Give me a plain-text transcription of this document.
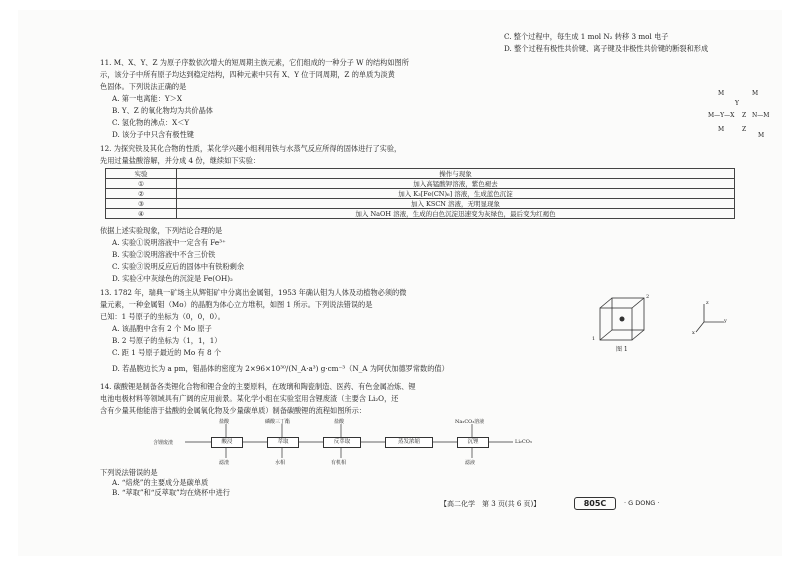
C. 整个过程中，每生成 1 mol N₂ 转移 3 mol 电子
D. 整个过程有极性共价键、离子键及非极性共价键的断裂和形成
11. M、X、Y、Z 为原子序数依次增大的短周期主族元素，它们组成的一种分子 W 的结构如图所
示，该分子中所有原子均达到稳定结构，四种元素中只有 X、Y 位于同周期，Z 的单质为淡黄
色固体。下列说法正确的是
A. 第一电离能：Y＞X
B. Y、Z 的氧化物均为共价晶体
C. 氢化物的沸点：X＜Y
D. 该分子中只含有极性键
M	M
Y
M—Y—X Z N—M
M	Z
M
12. 为探究铁及其化合物的性质，某化学兴趣小组利用铁与水蒸气反应所得的固体进行了实验，
先用过量盐酸溶解，并分成 4 份，继续如下实验：
实验	操作与现象
①	加入高锰酸钾溶液，紫色褪去
②	加入 K₃[Fe(CN)₆] 溶液，生成蓝色沉淀
③	加入 KSCN 溶液，无明显现象
④	加入 NaOH 溶液，生成的白色沉淀迅速变为灰绿色，最后变为红褐色
依据上述实验现象，下列结论合理的是
A. 实验①说明溶液中一定含有 Fe³⁺
B. 实验②说明溶液中不含三价铁
C. 实验③说明反应后的固体中有铁粉剩余
D. 实验④中灰绿色的沉淀是 Fe(OH)₂
13. 1782 年，瑞典一矿场主从辉钼矿中分离出金属钼，1953 年确认钼为人体及动植物必须的微
量元素，一种金属钼（Mo）的晶胞为体心立方堆积，如图 1 所示。下列说法错误的是
已知：1 号原子的坐标为（0，0，0）。
A. 该晶胞中含有 2 个 Mo 原子
B. 2 号原子的坐标为（1，1，1）
C. 距 1 号原子最近的 Mo 有 8 个
D. 若晶胞边长为 a pm，钼晶体的密度为 2×96×10³⁰/(N_A·a³) g·cm⁻³（N_A 为阿伏加德罗常数的值）
1
2
图 1
z
y
x
14. 碳酸锂是制备各类锂化合物和锂合金的主要原料，在玻璃和陶瓷制造、医药、有色金属冶炼、锂
电池电极材料等领域具有广阔的应用前景。某化学小组在实验室用含锂废渣（主要含 Li₂O，还
含有少量其他能溶于盐酸的金属氧化物及少量碳单质）制备碳酸锂的流程如图所示：
含锂废渣	酸浸	萃取	反萃取	蒸发浓缩	沉锂	Li₂CO₃
盐酸	磷酸三丁酯	盐酸	Na₂CO₃溶液
滤渣	水相	有机相	滤液
下列说法错误的是
A. “焙烧”的主要成分是碳单质
B. “萃取”和“反萃取”均在烧杯中进行
【高二化学　第 3 页(共 6 页)】	805C	· G DONG ·
